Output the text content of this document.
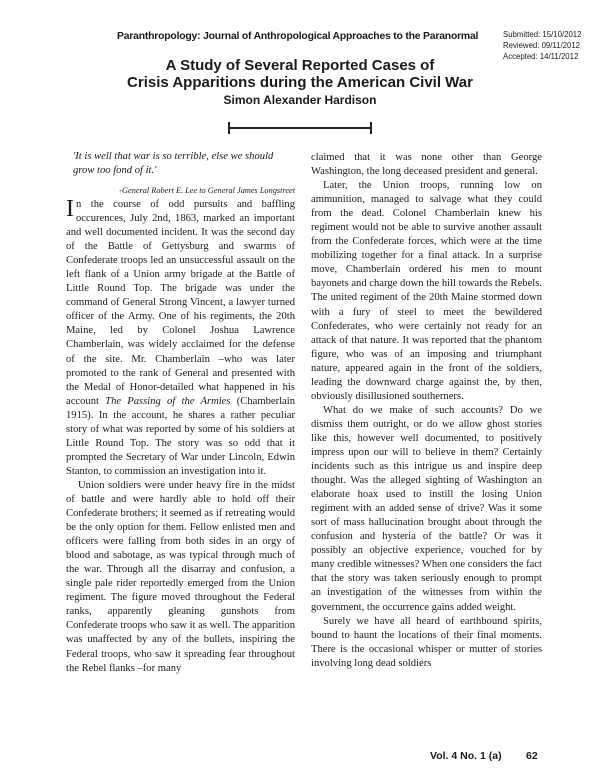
Paranthropology: Journal of Anthropological Approaches to the Paranormal	Submitted: 15/10/2012
Reviewed: 09/11/2012
Accepted: 14/11/2012
A Study of Several Reported Cases of
Crisis Apparitions during the American Civil War
Simon Alexander Hardison
'It is well that war is so terrible, else we should grow too fond of it.'
-General Robert E. Lee to General James Longstreet

In the course of odd pursuits and baffling occurences, July 2nd, 1863, marked an important and well documented incident. It was the second day of the Battle of Gettysburg and swarms of Confederate troops led an unsuccessful assault on the left flank of a Union army brigade at the Battle of Little Round Top. The brigade was under the command of General Strong Vincent, a lawyer turned officer of the Army. One of his regiments, the 20th Maine, led by Colonel Joshua Lawrence Chamberlain, was widely acclaimed for the defense of the site. Mr. Chamberlain –who was later promoted to the rank of General and presented with the Medal of Honor-detailed what happened in his account The Passing of the Armies (Chamberlain 1915). In the account, he shares a rather peculiar story of what was reported by some of his soldiers at Little Round Top. The story was so odd that it prompted the Secretary of War under Lincoln, Edwin Stanton, to commission an investigation into it.

Union soldiers were under heavy fire in the midst of battle and were hardly able to hold off their Confederate brothers; it seemed as if retreating would be the only option for them. Fellow enlisted men and officers were falling from both sides in an orgy of blood and sabotage, as was typical through much of the war. Through all the disarray and confusion, a single pale rider reportedly emerged from the Union regiment. The figure moved throughout the Federal ranks, apparently gleaning gunshots from Confederate troops who saw it as well. The apparition was unaffected by any of the bullets, inspiring the Federal troops, who saw it spreading fear throughout the Rebel flanks –for many

claimed that it was none other than George Washington, the long deceased president and general.

Later, the Union troops, running low on ammunition, managed to salvage what they could from the dead. Colonel Chamberlain knew his regiment would not be able to survive another assault from the Confederate forces, which were at the time mobilizing together for a final attack. In a surprise move, Chamberlain ordered his men to mount bayonets and charge down the hill towards the Rebels. The united regiment of the 20th Maine stormed down with a fury of steel to meet the bewildered Confederates, who were certainly not ready for an attack of that nature. It was reported that the phantom figure, who was of an imposing and triumphant nature, appeared again in the front of the soldiers, leading the downward charge against the, by then, obviously disillusioned southerners.

What do we make of such accounts? Do we dismiss them outright, or do we allow ghost stories like this, however well documented, to positively impress upon our will to believe in them? Certainly incidents such as this intrigue us and inspire deep thought. Was the alleged sighting of Washington an elaborate hoax used to instill the losing Union regiment with an added sense of drive? Was it some sort of mass hallucination brought about through the confusion and hysteria of the battle? Or was it possibly an objective experience, vouched for by many credible witnesses? When one considers the fact that the story was taken seriously enough to prompt an investigation of the witnesses from within the government, the occurrence gains added weight.

Surely we have all heard of earthbound spirits, bound to haunt the locations of their final moments. There is the occasional whisper or mutter of stories involving long dead soldiers

Vol. 4 No. 1 (a) 62
